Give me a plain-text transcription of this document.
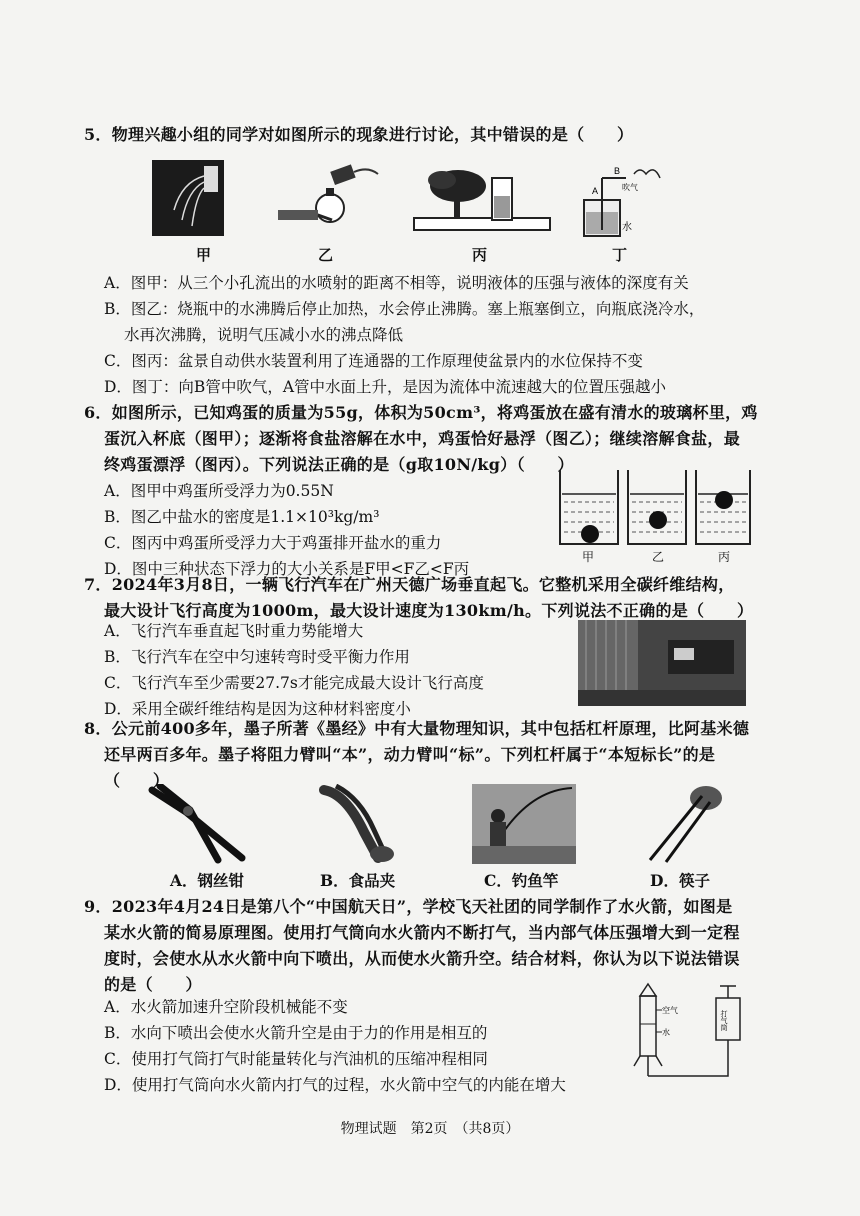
5．物理兴趣小组的同学对如图所示的现象进行讨论，其中错误的是（　　）
B
A	吹气
水
甲	乙	丙	丁
A．图甲：从三个小孔流出的水喷射的距离不相等，说明液体的压强与液体的深度有关
B．图乙：烧瓶中的水沸腾后停止加热，水会停止沸腾。塞上瓶塞倒立，向瓶底浇冷水，
水再次沸腾，说明气压减小水的沸点降低
C．图丙：盆景自动供水装置利用了连通器的工作原理使盆景内的水位保持不变
D．图丁：向B管中吹气，A管中水面上升，是因为流体中流速越大的位置压强越小
6．如图所示，已知鸡蛋的质量为55g，体积为50cm³，将鸡蛋放在盛有清水的玻璃杯里，鸡
蛋沉入杯底（图甲）；逐渐将食盐溶解在水中，鸡蛋恰好悬浮（图乙）；继续溶解食盐，最
终鸡蛋漂浮（图丙）。下列说法正确的是（g取10N/kg）（　　）
A．图甲中鸡蛋所受浮力为0.55N
B．图乙中盐水的密度是1.1×10³kg/m³
C．图丙中鸡蛋所受浮力大于鸡蛋排开盐水的重力
D．图中三种状态下浮力的大小关系是F甲<F乙<F丙
甲	乙	丙
7．2024年3月8日，一辆飞行汽车在广州天德广场垂直起飞。它整机采用全碳纤维结构，
最大设计飞行高度为1000m，最大设计速度为130km/h。下列说法不正确的是（　　）
A．飞行汽车垂直起飞时重力势能增大
B．飞行汽车在空中匀速转弯时受平衡力作用
C．飞行汽车至少需要27.7s才能完成最大设计飞行高度
D．采用全碳纤维结构是因为这种材料密度小
8．公元前400多年，墨子所著《墨经》中有大量物理知识，其中包括杠杆原理，比阿基米德
还早两百多年。墨子将阻力臂叫“本”，动力臂叫“标”。下列杠杆属于“本短标长”的是
（　　）
A．钢丝钳	B．食品夹	C．钓鱼竿	D．筷子
9．2023年4月24日是第八个“中国航天日”，学校飞天社团的同学制作了水火箭，如图是
某水火箭的简易原理图。使用打气筒向水火箭内不断打气，当内部气体压强增大到一定程
度时，会使水从水火箭中向下喷出，从而使水火箭升空。结合材料，你认为以下说法错误
的是（　　）
A．水火箭加速升空阶段机械能不变
B．水向下喷出会使水火箭升空是由于力的作用是相互的
C．使用打气筒打气时能量转化与汽油机的压缩冲程相同
D．使用打气筒向水火箭内打气的过程，水火箭中空气的内能在增大
空气
水
打气筒
物理试题　第2页　（共8页）
